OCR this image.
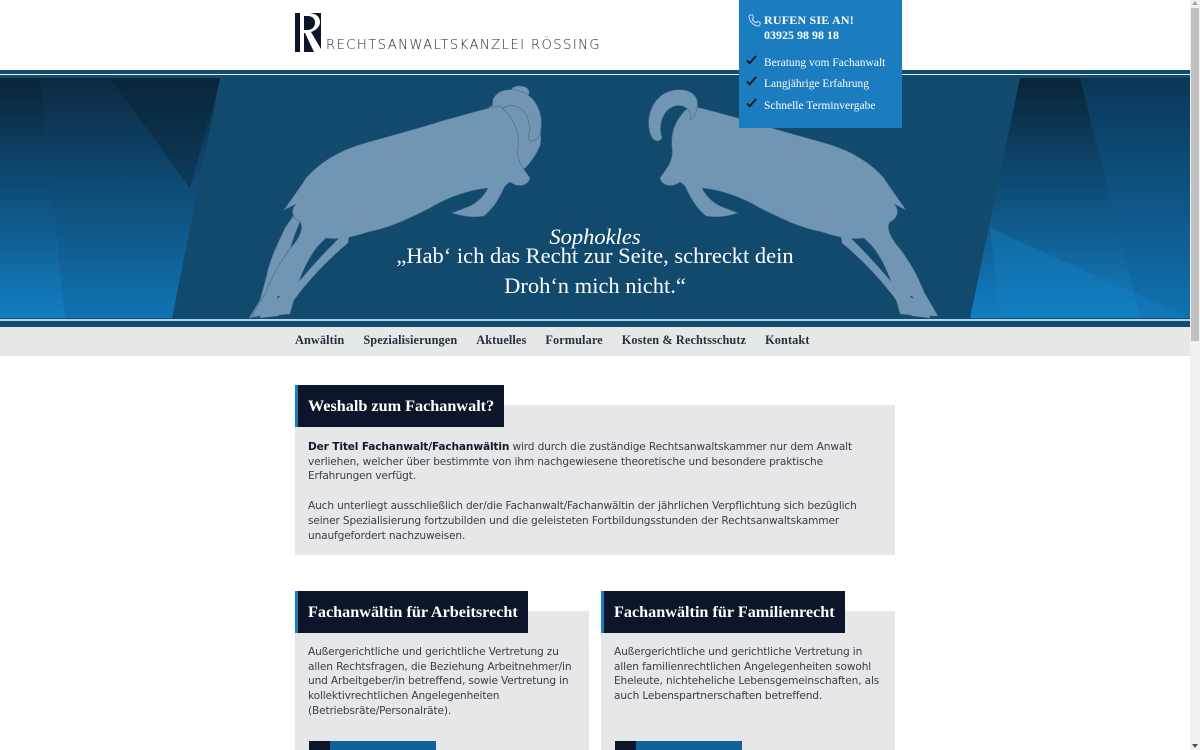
RECHTSANWALTSKANZLEI RÖSSING
„Hab‘ ich das Recht zur Seite, schreckt dein
Droh‘n mich nicht.“
Sophokles
RUFEN SIE AN!
03925 98 98 18
Beratung vom Fachanwalt
Langjährige Erfahrung
Schnelle Terminvergabe
Anwältin Spezialisierungen Aktuelles Formulare Kosten & Rechtsschutz Kontakt
Weshalb zum Fachanwalt?

Der Titel Fachanwalt/Fachanwältin wird durch die zuständige Rechtsanwaltskammer nur dem Anwalt verliehen, welcher über bestimmte von ihm nachgewiesene theoretische und besondere praktische Erfahrungen verfügt.

Auch unterliegt ausschließlich der/die Fachanwalt/Fachanwältin der jährlichen Verpflichtung sich bezüglich seiner Spezialisierung fortzubilden und die geleisteten Fortbildungsstunden der Rechtsanwaltskammer unaufgefordert nachzuweisen.

Fachanwältin für Arbeitsrecht
Außergerichtliche und gerichtliche Vertretung zu allen Rechtsfragen, die Beziehung Arbeitnehmer/in und Arbeitgeber/in betreffend, sowie Vertretung in kollektivrechtlichen Angelegenheiten (Betriebsräte/Personalräte).
Fachanwältin für Familienrecht
Außergerichtliche und gerichtliche Vertretung in allen familienrechtlichen Angelegenheiten sowohl Eheleute, nichteheliche Lebensgemeinschaften, als auch Lebenspartnerschaften betreffend.
